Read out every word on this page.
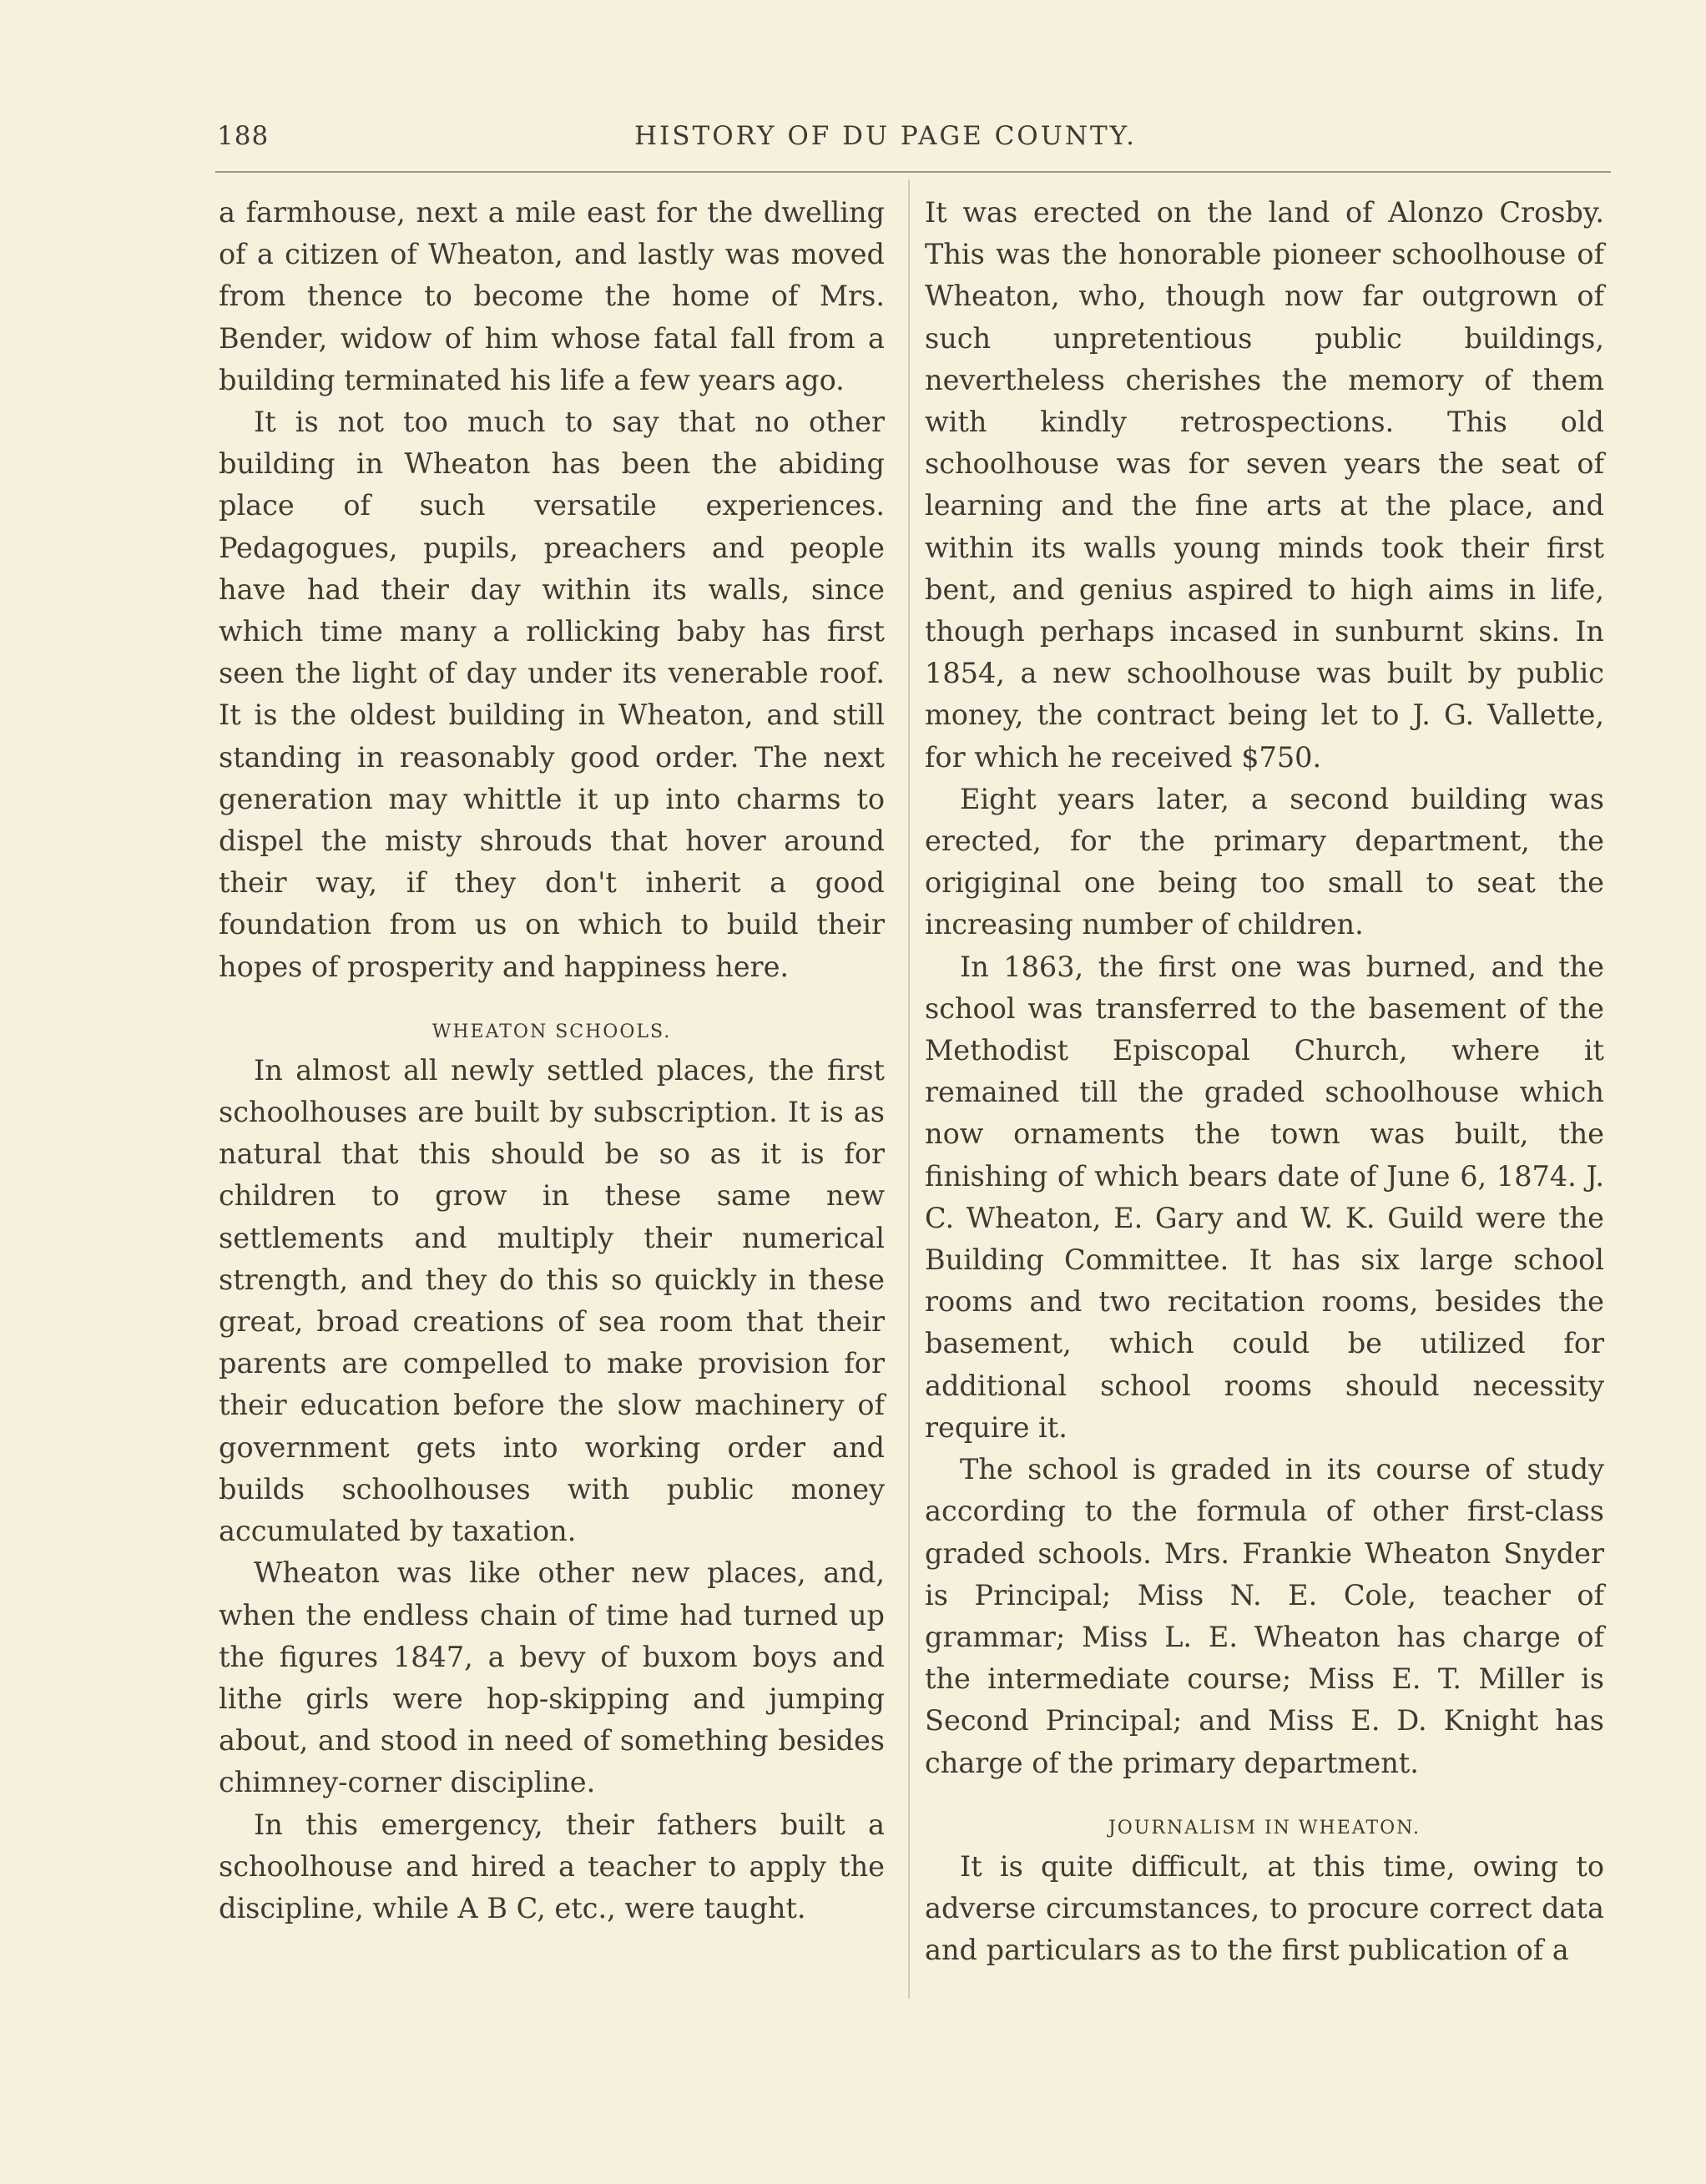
188	HISTORY OF DU PAGE COUNTY.

a farmhouse, next a mile east for the dwelling of a citizen of Wheaton, and lastly was moved from thence to become the home of Mrs. Bender, widow of him whose fatal fall from a building terminated his life a few years ago.

It is not too much to say that no other building in Wheaton has been the abiding place of such versatile experiences. Pedagogues, pupils, preachers and people have had their day within its walls, since which time many a rollicking baby has first seen the light of day under its venerable roof. It is the oldest building in Wheaton, and still standing in reasonably good order. The next generation may whittle it up into charms to dispel the misty shrouds that hover around their way, if they don't inherit a good foundation from us on which to build their hopes of prosperity and happiness here.

WHEATON SCHOOLS.

In almost all newly settled places, the first schoolhouses are built by subscription. It is as natural that this should be so as it is for children to grow in these same new settlements and multiply their numerical strength, and they do this so quickly in these great, broad creations of sea room that their parents are compelled to make provision for their education before the slow machinery of government gets into working order and builds schoolhouses with public money accumulated by taxation.

Wheaton was like other new places, and, when the endless chain of time had turned up the figures 1847, a bevy of buxom boys and lithe girls were hop-skipping and jumping about, and stood in need of something besides chimney-corner discipline.

In this emergency, their fathers built a schoolhouse and hired a teacher to apply the discipline, while A B C, etc., were taught.

It was erected on the land of Alonzo Crosby. This was the honorable pioneer schoolhouse of Wheaton, who, though now far outgrown of such unpretentious public buildings, nevertheless cherishes the memory of them with kindly retrospections. This old schoolhouse was for seven years the seat of learning and the fine arts at the place, and within its walls young minds took their first bent, and genius aspired to high aims in life, though perhaps incased in sunburnt skins. In 1854, a new schoolhouse was built by public money, the contract being let to J. G. Vallette, for which he received $750.

Eight years later, a second building was erected, for the primary department, the origiginal one being too small to seat the increasing number of children.

In 1863, the first one was burned, and the school was transferred to the basement of the Methodist Episcopal Church, where it remained till the graded schoolhouse which now ornaments the town was built, the finishing of which bears date of June 6, 1874. J. C. Wheaton, E. Gary and W. K. Guild were the Building Committee. It has six large school rooms and two recitation rooms, besides the basement, which could be utilized for additional school rooms should necessity require it.

The school is graded in its course of study according to the formula of other first-class graded schools. Mrs. Frankie Wheaton Snyder is Principal; Miss N. E. Cole, teacher of grammar; Miss L. E. Wheaton has charge of the intermediate course; Miss E. T. Miller is Second Principal; and Miss E. D. Knight has charge of the primary department.

JOURNALISM IN WHEATON.

It is quite difficult, at this time, owing to adverse circumstances, to procure correct data and particulars as to the first publication of a
